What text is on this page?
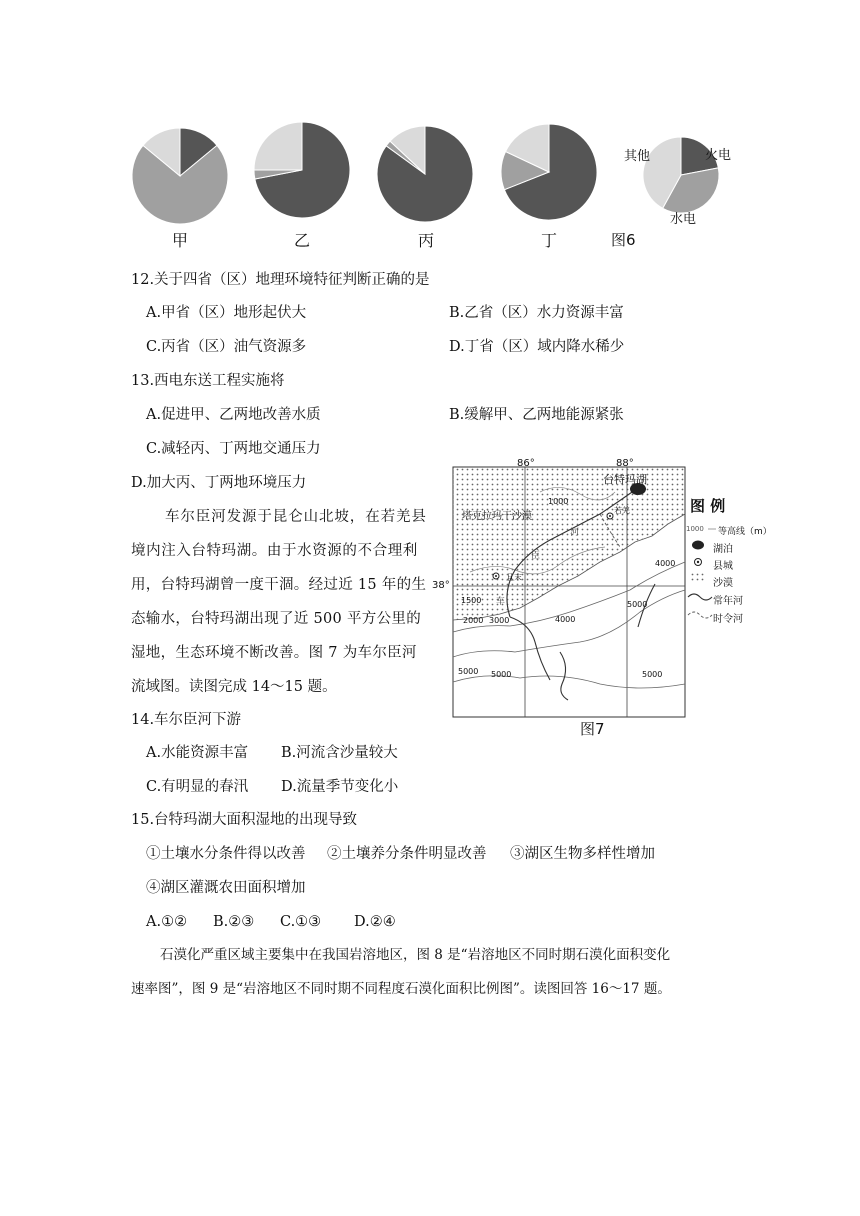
甲	乙	丙	丁	图6
其他	火电
水电
12.关于四省（区）地理环境特征判断正确的是
A.甲省（区）地形起伏大	B.乙省（区）水力资源丰富
C.丙省（区）油气资源多	D.丁省（区）域内降水稀少
13.西电东送工程实施将
A.促进甲、乙两地改善水质	B.缓解甲、乙两地能源紧张
C.减轻丙、丁两地交通压力
D.加大丙、丁两地环境压力
车尔臣河发源于昆仑山北坡，在若羌县
境内注入台特玛湖。由于水资源的不合理利
用，台特玛湖曾一度干涸。经过近 15 年的生
态输水，台特玛湖出现了近 500 平方公里的
湿地，生态环境不断改善。图 7 为车尔臣河
流域图。读图完成 14～15 题。
86°	88°
38°
台特玛湖
塔克拉玛干沙漠
若羌
且末
河
臣
车
1000
1500
2000 3000	4000
4000
5000
5000 5000	5000
图 例
1000 等高线（m）
湖泊
县城
沙漠
常年河
时令河
图7
14.车尔臣河下游
A.水能资源丰富 B.河流含沙量较大
C.有明显的春汛 D.流量季节变化小
15.台特玛湖大面积湿地的出现导致
①土壤水分条件得以改善 ②土壤养分条件明显改善 ③湖区生物多样性增加
④湖区灌溉农田面积增加
A.①② B.②③ C.①③ D.②④
石漠化严重区域主要集中在我国岩溶地区，图 8 是“岩溶地区不同时期石漠化面积变化
速率图”，图 9 是“岩溶地区不同时期不同程度石漠化面积比例图”。读图回答 16～17 题。
